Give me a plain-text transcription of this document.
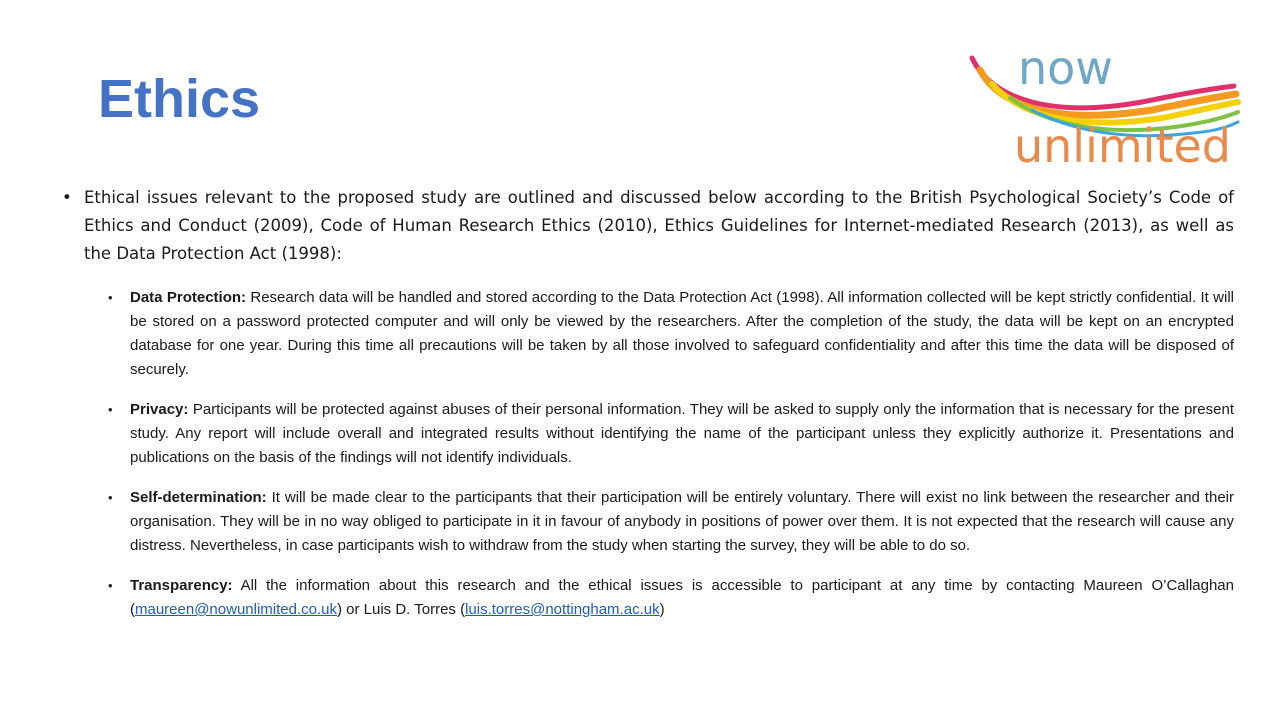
Ethics
now
unlimited

• Ethical issues relevant to the proposed study are outlined and discussed below according to the British Psychological Society’s Code of Ethics and Conduct (2009), Code of Human Research Ethics (2010), Ethics Guidelines for Internet-mediated Research (2013), as well as the Data Protection Act (1998):

• Data Protection: Research data will be handled and stored according to the Data Protection Act (1998). All information collected will be kept strictly confidential. It will be stored on a password protected computer and will only be viewed by the researchers. After the completion of the study, the data will be kept on an encrypted database for one year. During this time all precautions will be taken by all those involved to safeguard confidentiality and after this time the data will be disposed of securely.
• Privacy: Participants will be protected against abuses of their personal information. They will be asked to supply only the information that is necessary for the present study. Any report will include overall and integrated results without identifying the name of the participant unless they explicitly authorize it. Presentations and publications on the basis of the findings will not identify individuals.
• Self-determination: It will be made clear to the participants that their participation will be entirely voluntary. There will exist no link between the researcher and their organisation. They will be in no way obliged to participate in it in favour of anybody in positions of power over them. It is not expected that the research will cause any distress. Nevertheless, in case participants wish to withdraw from the study when starting the survey, they will be able to do so.
• Transparency: All the information about this research and the ethical issues is accessible to participant at any time by contacting Maureen O’Callaghan (maureen@nowunlimited.co.uk) or Luis D. Torres (luis.torres@nottingham.ac.uk)
